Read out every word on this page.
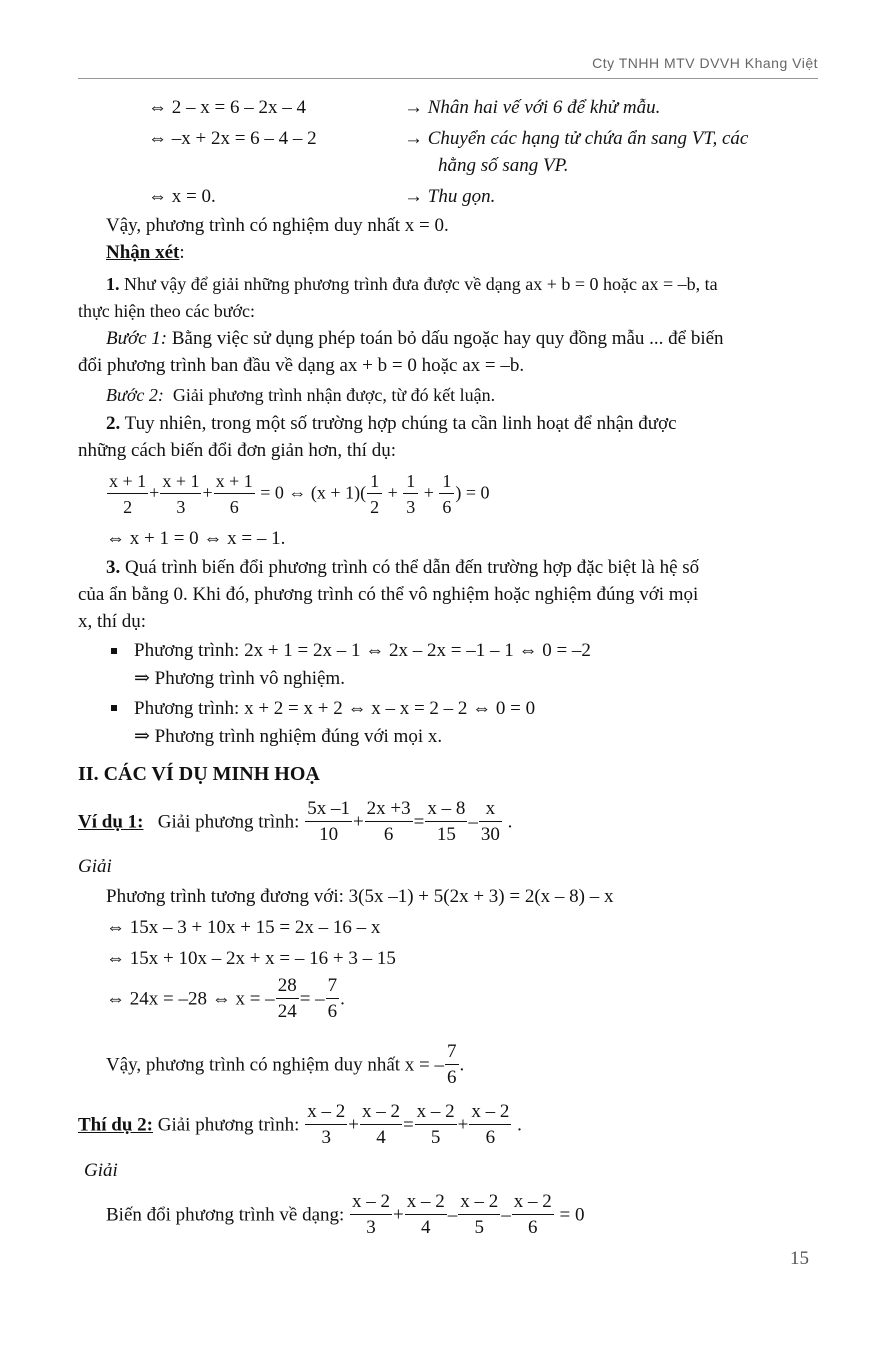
Cty TNHH MTV DVVH Khang Việt
⇔ 2 – x = 6 – 2x – 4	→ Nhân hai vế với 6 để khử mẫu.
⇔ –x + 2x = 6 – 4 – 2	→ Chuyển các hạng tử chứa ẩn sang VT, các
hằng số sang VP.
⇔ x = 0.	→ Thu gọn.
Vậy, phương trình có nghiệm duy nhất x = 0.
Nhận xét:
1. Như vậy để giải những phương trình đưa được về dạng ax + b = 0 hoặc ax = –b, ta
thực hiện theo các bước:
Bước 1: Bằng việc sử dụng phép toán bỏ dấu ngoặc hay quy đồng mẫu ... để biến
đổi phương trình ban đầu về dạng ax + b = 0 hoặc ax = –b.
Bước 2: Giải phương trình nhận được, từ đó kết luận.
2. Tuy nhiên, trong một số trường hợp chúng ta cần linh hoạt để nhận được
những cách biến đổi đơn giản hơn, thí dụ:
$\frac{x + 1}{2} + \frac{x + 1}{3} + \frac{x + 1}{6} = 0$ ⇔ $(x + 1)( \frac{1}{2} + \frac{1}{3} + \frac{1}{6}$ ) = 0
⇔ x + 1 = 0 ⇔ x = – 1.
3. Quá trình biến đổi phương trình có thể dẫn đến trường hợp đặc biệt là hệ số
của ẩn bằng 0. Khi đó, phương trình có thể vô nghiệm hoặc nghiệm đúng với mọi
x, thí dụ:
Phương trình: 2x + 1 = 2x – 1 ⇔ 2x – 2x = –1 – 1 ⇔ 0 = –2
⇒ Phương trình vô nghiệm.
Phương trình: x + 2 = x + 2 ⇔ x – x = 2 – 2 ⇔ 0 = 0
⇒ Phương trình nghiệm đúng với mọi x.
II. CÁC VÍ DỤ MINH HOẠ
Ví dụ 1: Giải phương trình: $\frac{5x -1}{10} + \frac{2x +3}{6} = \frac{x - 8}{15} - \frac{x}{30}$ .
Giải
Phương trình tương đương với: 3(5x –1) + 5(2x + 3) = 2(x – 8) – x
⇔ 15x – 3 + 10x + 15 = 2x – 16 – x
⇔ 15x + 10x – 2x + x = – 16 + 3 – 15
⇔ 24x = –28 ⇔ x = – $\frac{28}{24}$ = – $\frac{7}{6}$ .
Vậy, phương trình có nghiệm duy nhất x = – $\frac{7}{6}$ .
Thí dụ 2: Giải phương trình: $\frac{x - 2}{3} + \frac{x - 2}{4} = \frac{x - 2}{5} + \frac{x - 2}{6}$ .
Giải
Biến đổi phương trình về dạng: $\frac{x - 2}{3} + \frac{x - 2}{4} - \frac{x - 2}{5} - \frac{x - 2}{6} = 0$
15
